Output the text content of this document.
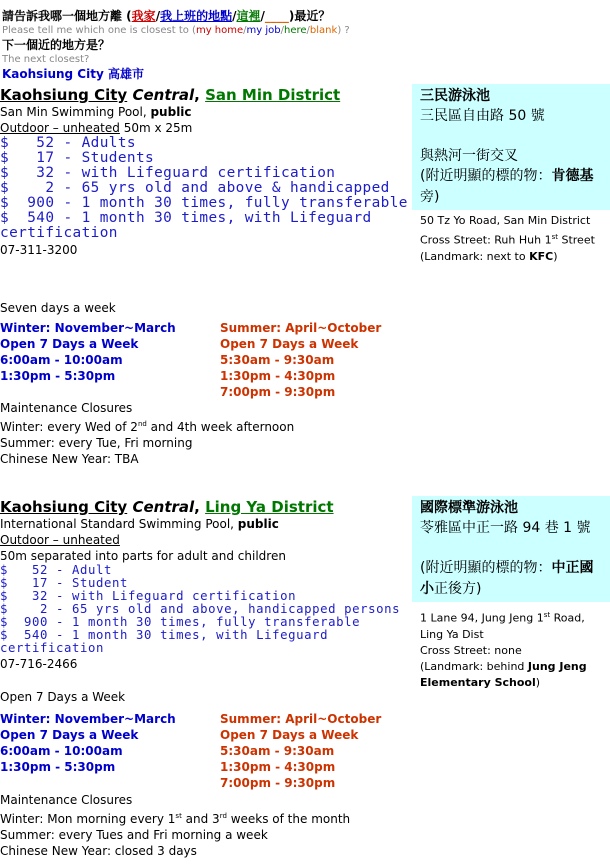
請告訴我哪一個地方離 (我家/我上班的地點/這裡/____)最近？
Please tell me which one is closest to (my home/my job/here/blank) ?
下一個近的地方是？
The next closest?
Kaohsiung City 高雄市
Kaohsiung City Central, San Min District
San Min Swimming Pool, public
Outdoor – unheated 50m x 25m
$   52 - Adults
$   17 - Students
$   32 - with Lifeguard certification
$    2 - 65 yrs old and above & handicapped
$  900 - 1 month 30 times, fully transferable
$  540 - 1 month 30 times, with Lifeguard certification
07-311-3200
Seven days a week
Winter: November~March
Open 7 Days a Week
6:00am - 10:00am
1:30pm - 5:30pm
Summer: April~October
Open 7 Days a Week
5:30am - 9:30am
1:30pm - 4:30pm
7:00pm - 9:30pm
Maintenance Closures
Winter: every Wed of 2nd and 4th week afternoon
Summer: every Tue, Fri morning
Chinese New Year: TBA
三民游泳池
三民區自由路 50 號
與熱河一街交叉
(附近明顯的標的物：肯德基旁)
50 Tz Yo Road, San Min District
Cross Street: Ruh Huh 1st Street
(Landmark: next to KFC)
Kaohsiung City Central, Ling Ya District
International Standard Swimming Pool, public
Outdoor – unheated
50m separated into parts for adult and children
$   52 - Adult
$   17 - Student
$   32 - with Lifeguard certification
$    2 - 65 yrs old and above, handicapped persons
$  900 - 1 month 30 times, fully transferable
$  540 - 1 month 30 times, with Lifeguard certification
07-716-2466
Open 7 Days a Week
Winter: November~March
Open 7 Days a Week
6:00am - 10:00am
1:30pm - 5:30pm
Summer: April~October
Open 7 Days a Week
5:30am - 9:30am
1:30pm - 4:30pm
7:00pm - 9:30pm
Maintenance Closures
Winter: Mon morning every 1st and 3rd weeks of the month
Summer: every Tues and Fri morning a week
Chinese New Year: closed 3 days
國際標準游泳池
苓雅區中正一路 94 巷 1 號
(附近明顯的標的物：中正國小正後方)
1 Lane 94, Jung Jeng 1st Road, Ling Ya Dist
Cross Street: none
(Landmark: behind Jung Jeng Elementary School)
